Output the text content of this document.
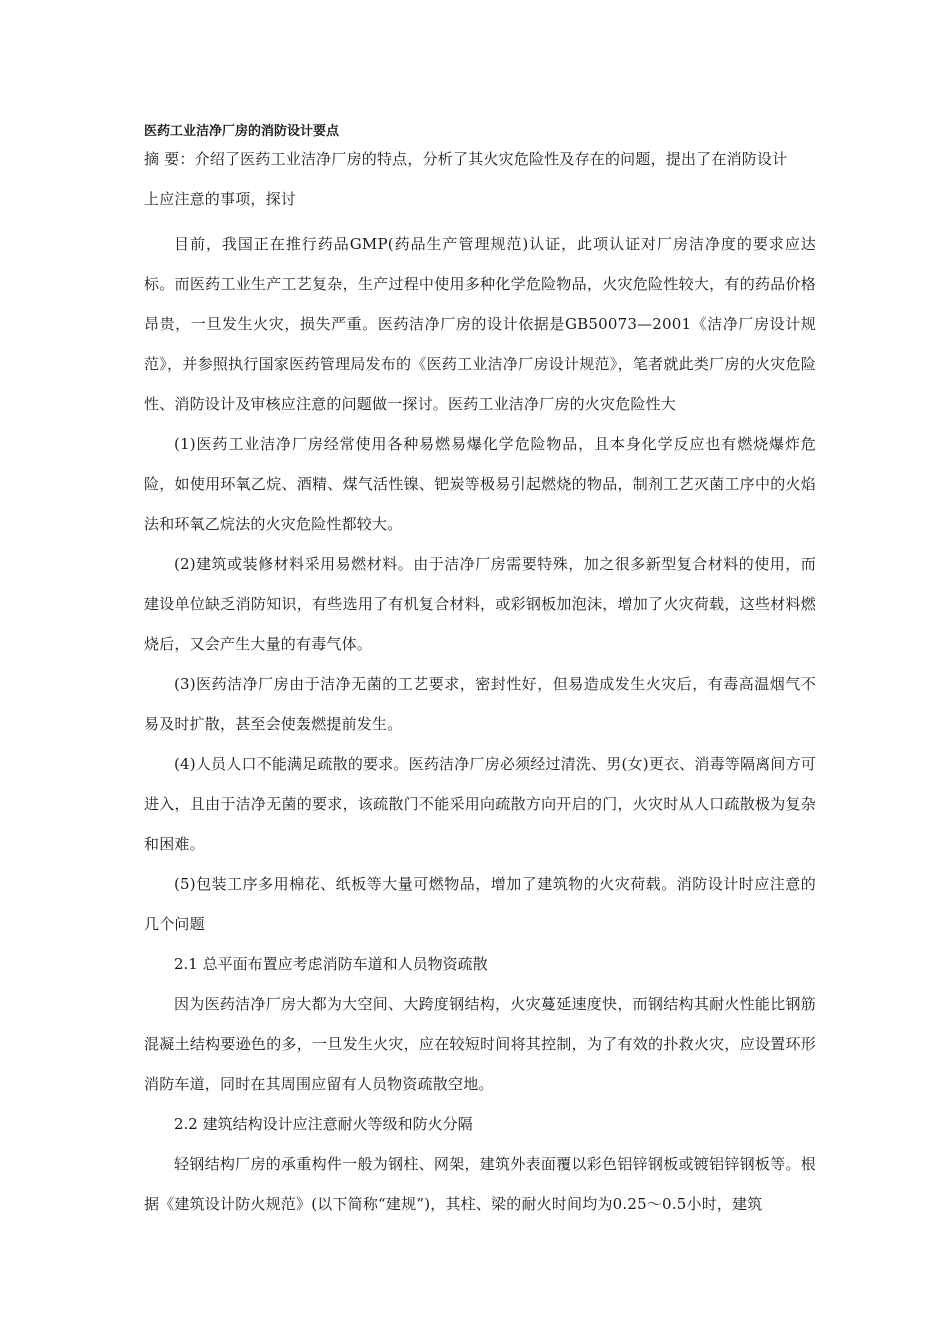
医药工业洁净厂房的消防设计要点

摘 要：介绍了医药工业洁净厂房的特点，分析了其火灾危险性及存在的问题，提出了在消防设计

上应注意的事项，探讨

目前，我国正在推行药品GMP(药品生产管理规范)认证，此项认证对厂房洁净度的要求应达标。而医药工业生产工艺复杂，生产过程中使用多种化学危险物品，火灾危险性较大，有的药品价格昂贵，一旦发生火灾，损失严重。医药洁净厂房的设计依据是GB50073—2001《洁净厂房设计规范》，并参照执行国家医药管理局发布的《医药工业洁净厂房设计规范》，笔者就此类厂房的火灾危险性、消防设计及审核应注意的问题做一探讨。医药工业洁净厂房的火灾危险性大

(1)医药工业洁净厂房经常使用各种易燃易爆化学危险物品，且本身化学反应也有燃烧爆炸危险，如使用环氧乙烷、酒精、煤气活性镍、钯炭等极易引起燃烧的物品，制剂工艺灭菌工序中的火焰法和环氧乙烷法的火灾危险性都较大。

(2)建筑或装修材料采用易燃材料。由于洁净厂房需要特殊，加之很多新型复合材料的使用，而建设单位缺乏消防知识，有些选用了有机复合材料，或彩钢板加泡沫，增加了火灾荷载，这些材料燃烧后，又会产生大量的有毒气体。

(3)医药洁净厂房由于洁净无菌的工艺要求，密封性好，但易造成发生火灾后，有毒高温烟气不易及时扩散，甚至会使轰燃提前发生。

(4)人员人口不能满足疏散的要求。医药洁净厂房必须经过清洗、男(女)更衣、消毒等隔离间方可进入，且由于洁净无菌的要求，该疏散门不能采用向疏散方向开启的门，火灾时从人口疏散极为复杂和困难。

(5)包装工序多用棉花、纸板等大量可燃物品，增加了建筑物的火灾荷载。消防设计时应注意的几个问题

2.1 总平面布置应考虑消防车道和人员物资疏散

因为医药洁净厂房大都为大空间、大跨度钢结构，火灾蔓延速度快，而钢结构其耐火性能比钢筋混凝土结构要逊色的多，一旦发生火灾，应在较短时间将其控制，为了有效的扑救火灾，应设置环形消防车道，同时在其周围应留有人员物资疏散空地。

2.2 建筑结构设计应注意耐火等级和防火分隔

轻钢结构厂房的承重构件一般为钢柱、网架，建筑外表面覆以彩色铝锌钢板或镀铝锌钢板等。根据《建筑设计防火规范》(以下简称“建规”)，其柱、梁的耐火时间均为0.25～0.5小时，建筑
